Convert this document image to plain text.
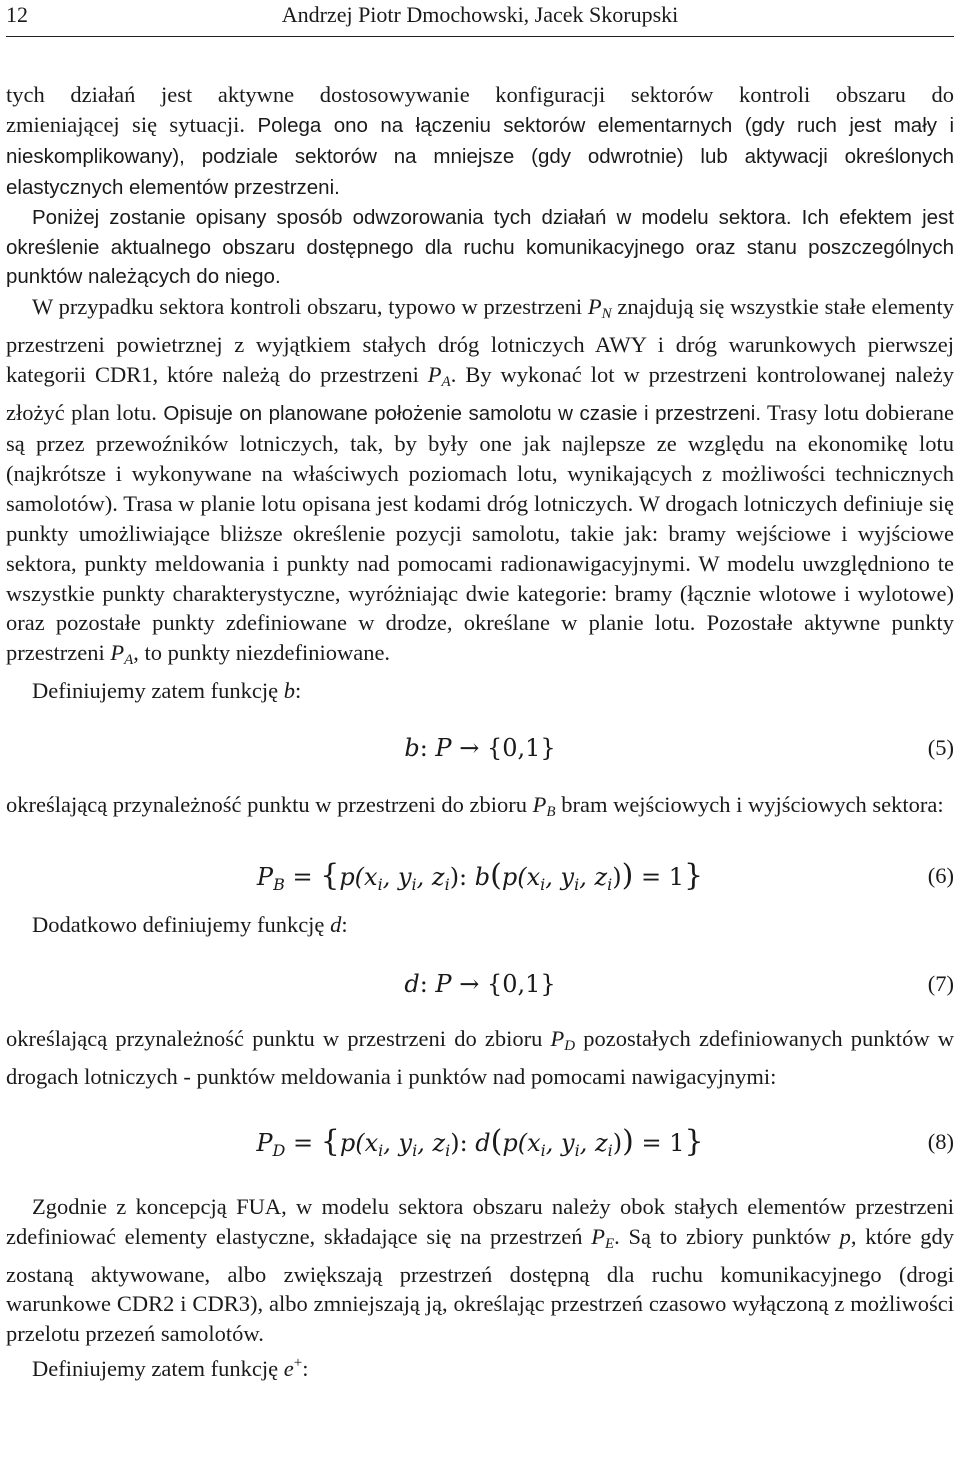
12	Andrzej Piotr Dmochowski, Jacek Skorupski

tych działań jest aktywne dostosowywanie konfiguracji sektorów kontroli obszaru do

zmieniającej się sytuacji. Polega ono na łączeniu sektorów elementarnych (gdy ruch jest mały i nieskomplikowany), podziale sektorów na mniejsze (gdy odwrotnie) lub aktywacji określonych elastycznych elementów przestrzeni.

Poniżej zostanie opisany sposób odwzorowania tych działań w modelu sektora. Ich efektem jest określenie aktualnego obszaru dostępnego dla ruchu komunikacyjnego oraz stanu poszczególnych punktów należących do niego.

W przypadku sektora kontroli obszaru, typowo w przestrzeni $P_N$ znajdują się wszystkie stałe elementy przestrzeni powietrznej z wyjątkiem stałych dróg lotniczych AWY i dróg warunkowych pierwszej kategorii CDR1, które należą do przestrzeni $P_A$. By wykonać lot w przestrzeni kontrolowanej należy złożyć plan lotu. Opisuje on planowane położenie samolotu w czasie i przestrzeni. Trasy lotu dobierane są przez przewoźników lotniczych, tak, by były one jak najlepsze ze względu na ekonomikę lotu (najkrótsze i wykonywane na właściwych poziomach lotu, wynikających z możliwości technicznych samolotów). Trasa w planie lotu opisana jest kodami dróg lotniczych. W drogach lotniczych definiuje się punkty umożliwiające bliższe określenie pozycji samolotu, takie jak: bramy wejściowe i wyjściowe sektora, punkty meldowania i punkty nad pomocami radionawigacyjnymi. W modelu uwzględniono te wszystkie punkty charakterystyczne, wyróżniając dwie kategorie: bramy (łącznie wlotowe i wylotowe) oraz pozostałe punkty zdefiniowane w drodze, określane w planie lotu. Pozostałe aktywne punkty przestrzeni $P_A$, to punkty niezdefiniowane.

Definiujemy zatem funkcję b:

b: P → {0,1}	(5)

określającą przynależność punktu w przestrzeni do zbioru $P_B$ bram wejściowych i wyjściowych sektora:

$P_B = \{p(x_i$, $y_i$, $z_i$): $b(p(x_i$, $y_i$, $z_i)) = 1$}	(6)

Dodatkowo definiujemy funkcję d:

d: P → {0,1}	(7)

określającą przynależność punktu w przestrzeni do zbioru $P_D$ pozostałych zdefiniowanych punktów w drogach lotniczych - punktów meldowania i punktów nad pomocami nawigacyjnymi:

$P_D = \{p(x_i$, $y_i$, $z_i$): $d(p(x_i$, $y_i$, $z_i)) = 1$}	(8)

Zgodnie z koncepcją FUA, w modelu sektora obszaru należy obok stałych elementów przestrzeni zdefiniować elementy elastyczne, składające się na przestrzeń $P_E$. Są to zbiory punktów p, które gdy zostaną aktywowane, albo zwiększają przestrzeń dostępną dla ruchu komunikacyjnego (drogi warunkowe CDR2 i CDR3), albo zmniejszają ją, określając przestrzeń czasowo wyłączoną z możliwości przelotu przezeń samolotów.

Definiujemy zatem funkcję e+:
